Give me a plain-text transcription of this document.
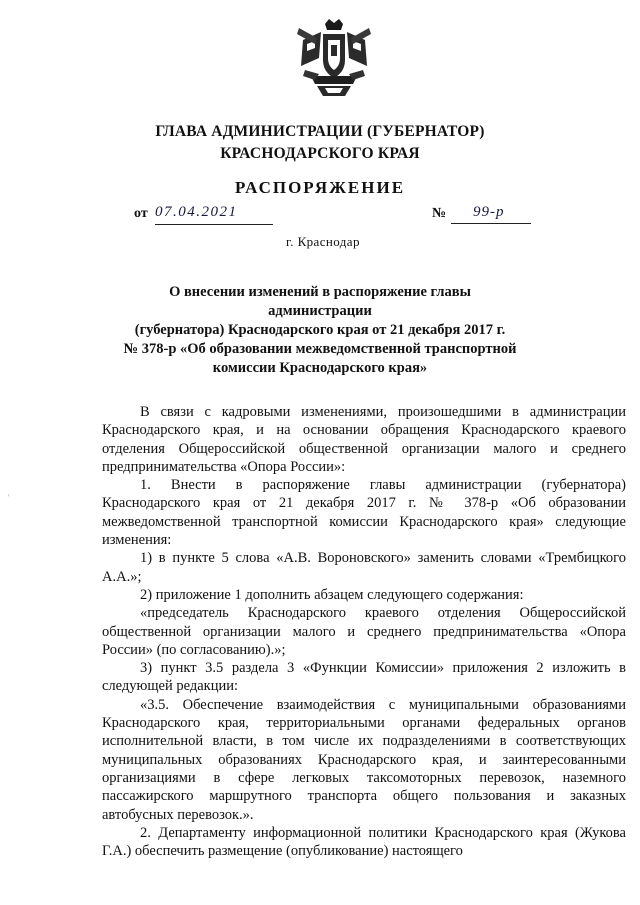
ГЛАВА АДМИНИСТРАЦИИ (ГУБЕРНАТОР)
КРАСНОДАРСКОГО КРАЯ
РАСПОРЯЖЕНИЕ
от 07.04.2021	№	99-р
г. Краснодар
О внесении изменений в распоряжение главы администрации
(губернатора) Краснодарского края от 21 декабря 2017 г.
№ 378-р «Об образовании межведомственной транспортной
комиссии Краснодарского края»

В связи с кадровыми изменениями, произошедшими в администрации Краснодарского края, и на основании обращения Краснодарского краевого отделения Общероссийской общественной организации малого и среднего предпринимательства «Опора России»:

1. Внести в распоряжение главы администрации (губернатора) Краснодарского края от 21 декабря 2017 г. № 378-р «Об образовании межведомственной транспортной комиссии Краснодарского края» следующие изменения:

1) в пункте 5 слова «А.В. Вороновского» заменить словами «Трембицкого А.А.»;

2) приложение 1 дополнить абзацем следующего содержания:

«председатель Краснодарского краевого отделения Общероссийской общественной организации малого и среднего предпринимательства «Опора России» (по согласованию).»;

3) пункт 3.5 раздела 3 «Функции Комиссии» приложения 2 изложить в следующей редакции:

«3.5. Обеспечение взаимодействия с муниципальными образованиями Краснодарского края, территориальными органами федеральных органов исполнительной власти, в том числе их подразделениями в соответствующих муниципальных образованиях Краснодарского края, и заинтересованными организациями в сфере легковых таксомоторных перевозок, наземного пассажирского маршрутного транспорта общего пользования и заказных автобусных перевозок.».

2. Департаменту информационной политики Краснодарского края (Жукова Г.А.) обеспечить размещение (опубликование) настоящего

'
